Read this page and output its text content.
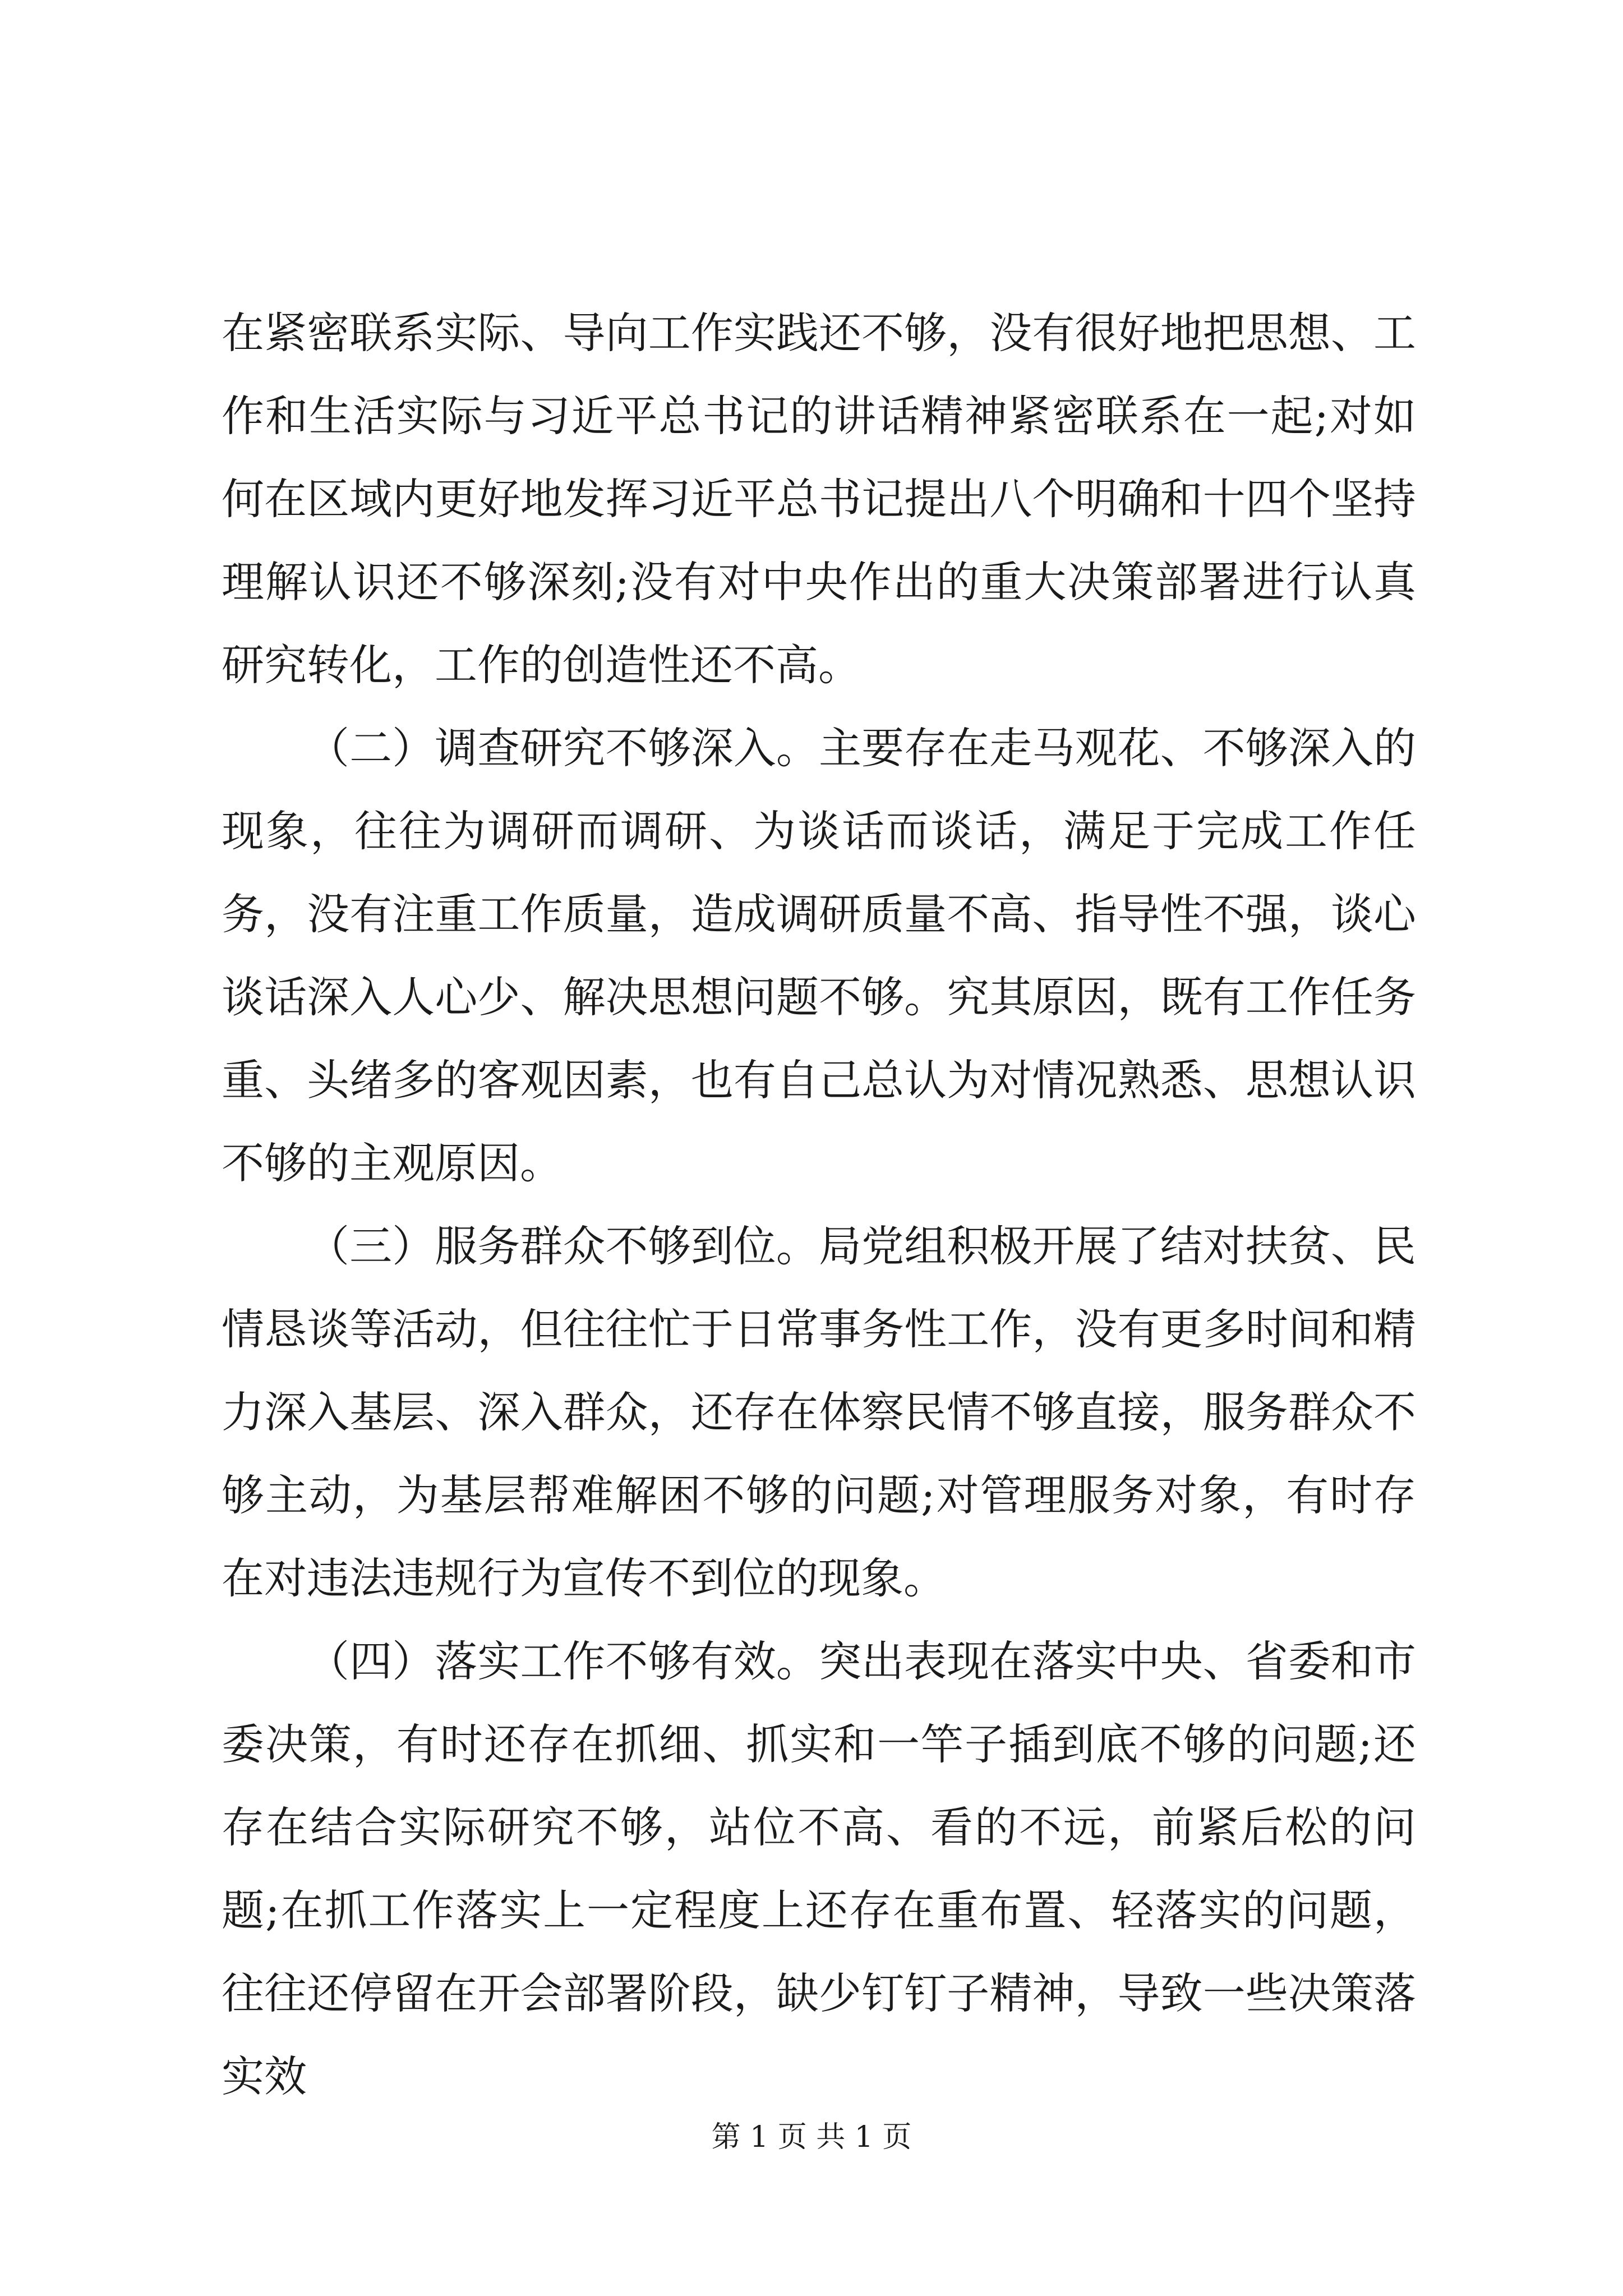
在紧密联系实际、导向工作实践还不够，没有很好地把思想、工作和生活实际与习近平总书记的讲话精神紧密联系在一起;对如何在区域内更好地发挥习近平总书记提出八个明确和十四个坚持理解认识还不够深刻;没有对中央作出的重大决策部署进行认真研究转化，工作的创造性还不高。

（二）调查研究不够深入。主要存在走马观花、不够深入的现象，往往为调研而调研、为谈话而谈话，满足于完成工作任务，没有注重工作质量，造成调研质量不高、指导性不强，谈心谈话深入人心少、解决思想问题不够。究其原因，既有工作任务重、头绪多的客观因素，也有自己总认为对情况熟悉、思想认识不够的主观原因。

（三）服务群众不够到位。局党组积极开展了结对扶贫、民情恳谈等活动，但往往忙于日常事务性工作，没有更多时间和精力深入基层、深入群众，还存在体察民情不够直接，服务群众不够主动，为基层帮难解困不够的问题;对管理服务对象，有时存在对违法违规行为宣传不到位的现象。

（四）落实工作不够有效。突出表现在落实中央、省委和市委决策，有时还存在抓细、抓实和一竿子插到底不够的问题;还存在结合实际研究不够，站位不高、看的不远，前紧后松的问题;在抓工作落实上一定程度上还存在重布置、轻落实的问题，往往还停留在开会部署阶段，缺少钉钉子精神，导致一些决策落实效

第 1 页 共 1 页
